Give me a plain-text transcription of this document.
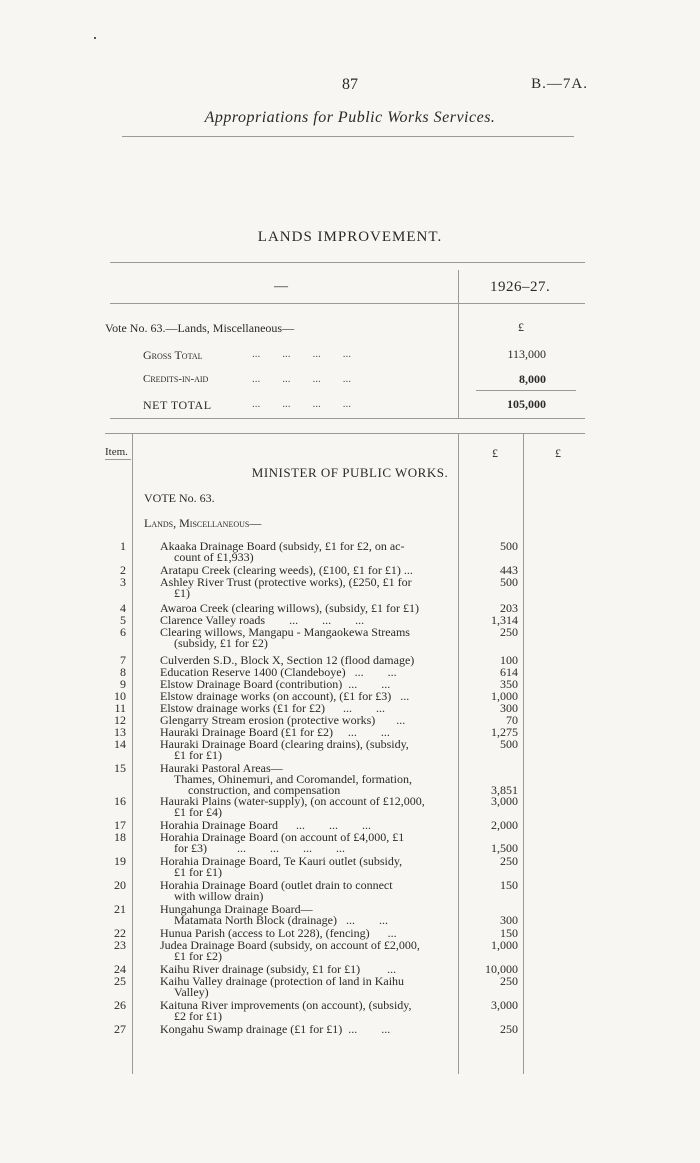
87	B.—7A.
Appropriations for Public Works Services.
LANDS IMPROVEMENT.
—	1926–27.
Vote No. 63.—Lands, Miscellaneous—	£
Gross Total	...        ...        ...        ...	113,000
Credits-in-aid	...        ...        ...        ...	8,000
NET TOTAL	...        ...        ...        ...	105,000
Item.	£	£
MINISTER OF PUBLIC WORKS.
VOTE No. 63.
Lands, Miscellaneous—
1	Akaaka Drainage Board (subsidy, £1 for £2, on ac-
count of £1,933)
500
2	Aratapu Creek (clearing weeds), (£100, £1 for £1) ...	443
3	Ashley River Trust (protective works), (£250, £1 for
£1)
500
4	Awaroa Creek (clearing willows), (subsidy, £1 for £1)	203
5	Clarence Valley roads        ...        ...        ...	1,314
6	Clearing willows, Mangapu - Mangaokewa Streams
(subsidy, £1 for £2)
250
7	Culverden S.D., Block X, Section 12 (flood damage)	100
8	Education Reserve 1400 (Clandeboye)   ...        ...	614
9	Elstow Drainage Board (contribution)  ...        ...	350
10	Elstow drainage works (on account), (£1 for £3)   ...	1,000
11	Elstow drainage works (£1 for £2)      ...        ...	300
12	Glengarry Stream erosion (protective works)       ...	70
13	Hauraki Drainage Board (£1 for £2)     ...        ...	1,275
14	Hauraki Drainage Board (clearing drains), (subsidy,
£1 for £1)
500
15	Hauraki Pastoral Areas—
Thames, Ohinemuri, and Coromandel, formation,
construction, and compensation	3,851
16	Hauraki Plains (water-supply), (on account of £12,000,
£1 for £4)
3,000
17	Horahia Drainage Board      ...        ...        ...	2,000
18	Horahia Drainage Board (on account of £4,000, £1
for £3)          ...        ...        ...        ...	1,500
19	Horahia Drainage Board, Te Kauri outlet (subsidy,
£1 for £1)
250
20	Horahia Drainage Board (outlet drain to connect
with willow drain)
150
21	Hungahunga Drainage Board—
Matamata North Block (drainage)   ...        ...	300
22	Hunua Parish (access to Lot 228), (fencing)      ...	150
23	Judea Drainage Board (subsidy, on account of £2,000,
£1 for £2)
1,000
24	Kaihu River drainage (subsidy, £1 for £1)         ...	10,000
25	Kaihu Valley drainage (protection of land in Kaihu
Valley)
250
26	Kaituna River improvements (on account), (subsidy,
£2 for £1)
3,000
27	Kongahu Swamp drainage (£1 for £1)  ...        ...	250
